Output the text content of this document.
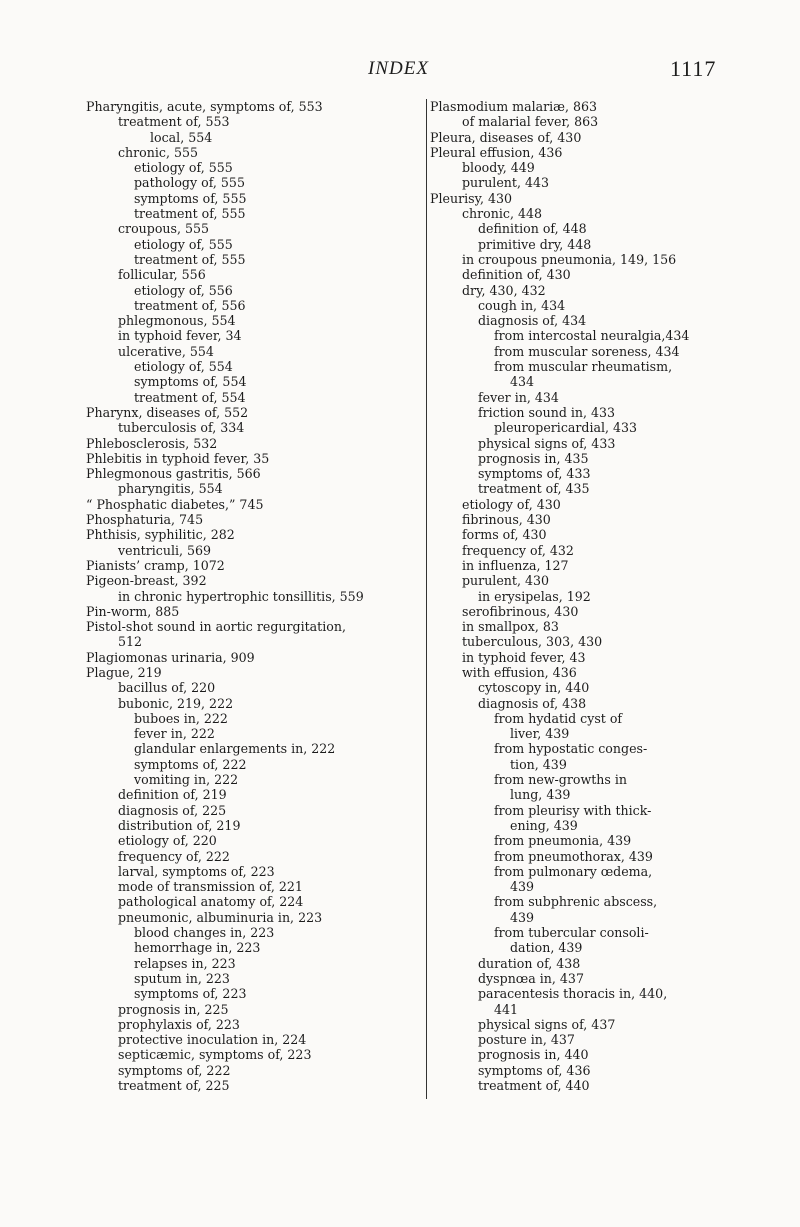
INDEX	1117
Pharyngitis, acute, symptoms of, 553
treatment of, 553
local, 554
chronic, 555
etiology of, 555
pathology of, 555
symptoms of, 555
treatment of, 555
croupous, 555
etiology of, 555
treatment of, 555
follicular, 556
etiology of, 556
treatment of, 556
phlegmonous, 554
in typhoid fever, 34
ulcerative, 554
etiology of, 554
symptoms of, 554
treatment of, 554
Pharynx, diseases of, 552
tuberculosis of, 334
Phlebosclerosis, 532
Phlebitis in typhoid fever, 35
Phlegmonous gastritis, 566
pharyngitis, 554
“ Phosphatic diabetes,” 745
Phosphaturia, 745
Phthisis, syphilitic, 282
ventriculi, 569
Pianists’ cramp, 1072
Pigeon-breast, 392
in chronic hypertrophic tonsillitis, 559
Pin-worm, 885
Pistol-shot sound in aortic regurgitation,
512
Plagiomonas urinaria, 909
Plague, 219
bacillus of, 220
bubonic, 219, 222
buboes in, 222
fever in, 222
glandular enlargements in, 222
symptoms of, 222
vomiting in, 222
definition of, 219
diagnosis of, 225
distribution of, 219
etiology of, 220
frequency of, 222
larval, symptoms of, 223
mode of transmission of, 221
pathological anatomy of, 224
pneumonic, albuminuria in, 223
blood changes in, 223
hemorrhage in, 223
relapses in, 223
sputum in, 223
symptoms of, 223
prognosis in, 225
prophylaxis of, 223
protective inoculation in, 224
septicæmic, symptoms of, 223
symptoms of, 222
treatment of, 225
Plasmodium malariæ, 863
of malarial fever, 863
Pleura, diseases of, 430
Pleural effusion, 436
bloody, 449
purulent, 443
Pleurisy, 430
chronic, 448
definition of, 448
primitive dry, 448
in croupous pneumonia, 149, 156
definition of, 430
dry, 430, 432
cough in, 434
diagnosis of, 434
from intercostal neuralgia,434
from muscular soreness, 434
from muscular rheumatism,
434
fever in, 434
friction sound in, 433
pleuropericardial, 433
physical signs of, 433
prognosis in, 435
symptoms of, 433
treatment of, 435
etiology of, 430
fibrinous, 430
forms of, 430
frequency of, 432
in influenza, 127
purulent, 430
in erysipelas, 192
serofibrinous, 430
in smallpox, 83
tuberculous, 303, 430
in typhoid fever, 43
with effusion, 436
cytoscopy in, 440
diagnosis of, 438
from hydatid cyst of
liver, 439
from hypostatic conges-
tion, 439
from new-growths in
lung, 439
from pleurisy with thick-
ening, 439
from pneumonia, 439
from pneumothorax, 439
from pulmonary œdema,
439
from subphrenic abscess,
439
from tubercular consoli-
dation, 439
duration of, 438
dyspnœa in, 437
paracentesis thoracis in, 440,
441
physical signs of, 437
posture in, 437
prognosis in, 440
symptoms of, 436
treatment of, 440
